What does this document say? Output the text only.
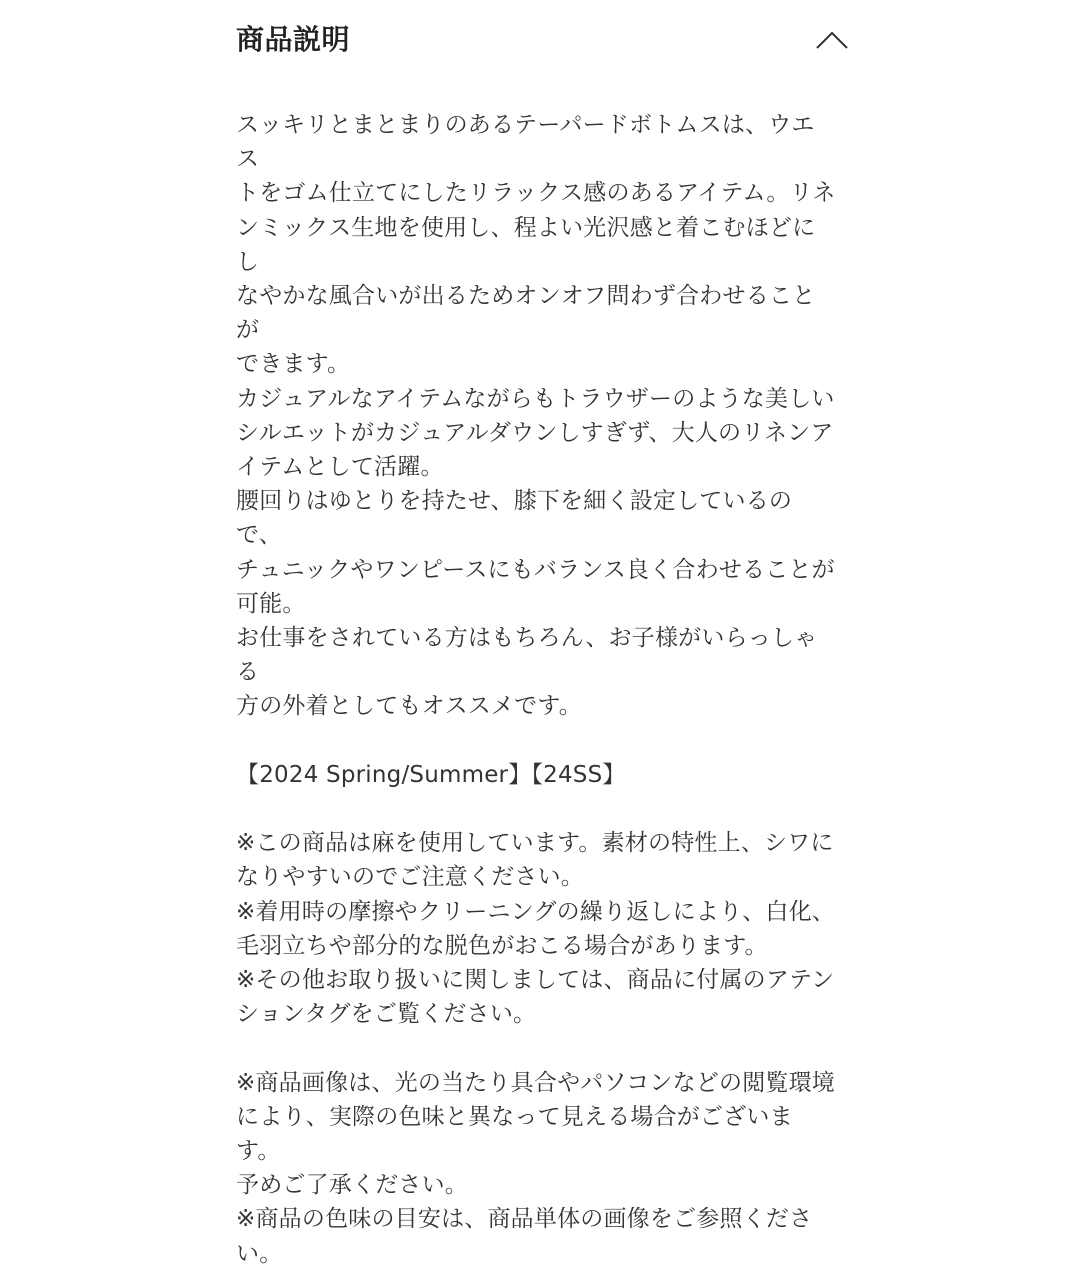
商品説明

スッキリとまとまりのあるテーパードボトムスは、ウエス

トをゴム仕立てにしたリラックス感のあるアイテム。リネ

ンミックス生地を使用し、程よい光沢感と着こむほどにし

なやかな風合いが出るためオンオフ問わず合わせることが

できます。

カジュアルなアイテムながらもトラウザーのような美しい

シルエットがカジュアルダウンしすぎず、大人のリネンア

イテムとして活躍。

腰回りはゆとりを持たせ、膝下を細く設定しているので、

チュニックやワンピースにもバランス良く合わせることが

可能。

お仕事をされている方はもちろん、お子様がいらっしゃる

方の外着としてもオススメです。

【2024 Spring/Summer】【24SS】

※この商品は麻を使用しています。素材の特性上、シワに

なりやすいのでご注意ください。

※着用時の摩擦やクリーニングの繰り返しにより、白化、

毛羽立ちや部分的な脱色がおこる場合があります。

※その他お取り扱いに関しましては、商品に付属のアテン

ションタグをご覧ください。

※商品画像は、光の当たり具合やパソコンなどの閲覧環境

により、実際の色味と異なって見える場合がございます。

予めご了承ください。

※商品の色味の目安は、商品単体の画像をご参照くださ

い。
